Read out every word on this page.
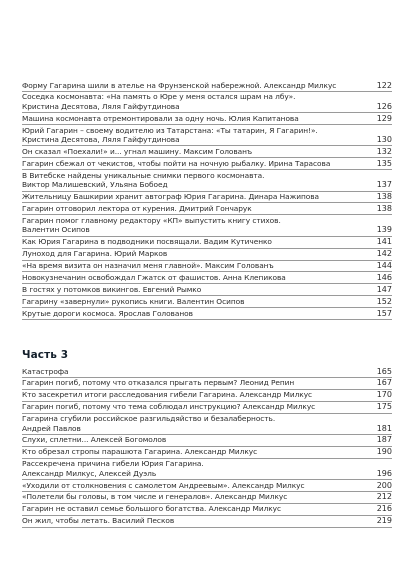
Форму Гагарина шили в ателье на Фрунзенской набережной. Александр Милкус	122
Соседка космонавта: «На память о Юре у меня остался шрам на лбу».
Кристина Десятова, Ляля Гайфутдинова	126
Машина космонавта отремонтировали за одну ночь. Юлия Капитанова	129
Юрий Гагарин – своему водителю из Татарстана: «Ты татарин, Я Гагарин!».
Кристина Десятова, Ляля Гайфутдинова	130
Он сказал «Поехали!» и... угнал машину. Максим Голованъ	132
Гагарин сбежал от чекистов, чтобы пойти на ночную рыбалку. Ирина Тарасова	135
В Витебске найдены уникальные снимки первого космонавта.
Виктор Малишевский, Ульяна Бобоед	137
Жительницу Башкирии хранит автограф Юрия Гагарина. Динара Нажипова	138
Гагарин отговорил лектора от курения. Дмитрий Гончарук	138
Гагарин помог главному редактору «КП» выпустить книгу стихов.
Валентин Осипов	139
Как Юрия Гагарина в подводники посвящали. Вадим Кутиченко	141
Луноход для Гагарина. Юрий Марков	142
«На время визита он назначил меня главной». Максим Голованъ	144
Новокузнечанин освобождал Гжатск от фашистов. Анна Клепикова	146
В гостях у потомков викингов. Евгений Рымко	147
Гагарину «завернули» рукопись книги. Валентин Осипов	152
Крутые дороги космоса. Ярослав Голованов	157
Часть 3
Катастрофа	165
Гагарин погиб, потому что отказался прыгать первым? Леонид Репин	167
Кто засекретил итоги расследования гибели Гагарина. Александр Милкус	170
Гагарин погиб, потому что тема соблюдал инструкцию? Александр Милкус	175
Гагарина сгубили российское разгильдяйство и безалаберность.
Андрей Павлов	181
Слухи, сплетни... Алексей Богомолов	187
Кто обрезал стропы парашюта Гагарина. Александр Милкус	190
Рассекречена причина гибели Юрия Гагарина.
Александр Милкус, Алексей Дуэль	196
«Уходили от столкновения с самолетом Андреевым». Александр Милкус	200
«Полетели бы головы, в том числе и генералов». Александр Милкус	212
Гагарин не оставил семье большого богатства. Александр Милкус	216
Он жил, чтобы летать. Василий Песков	219
